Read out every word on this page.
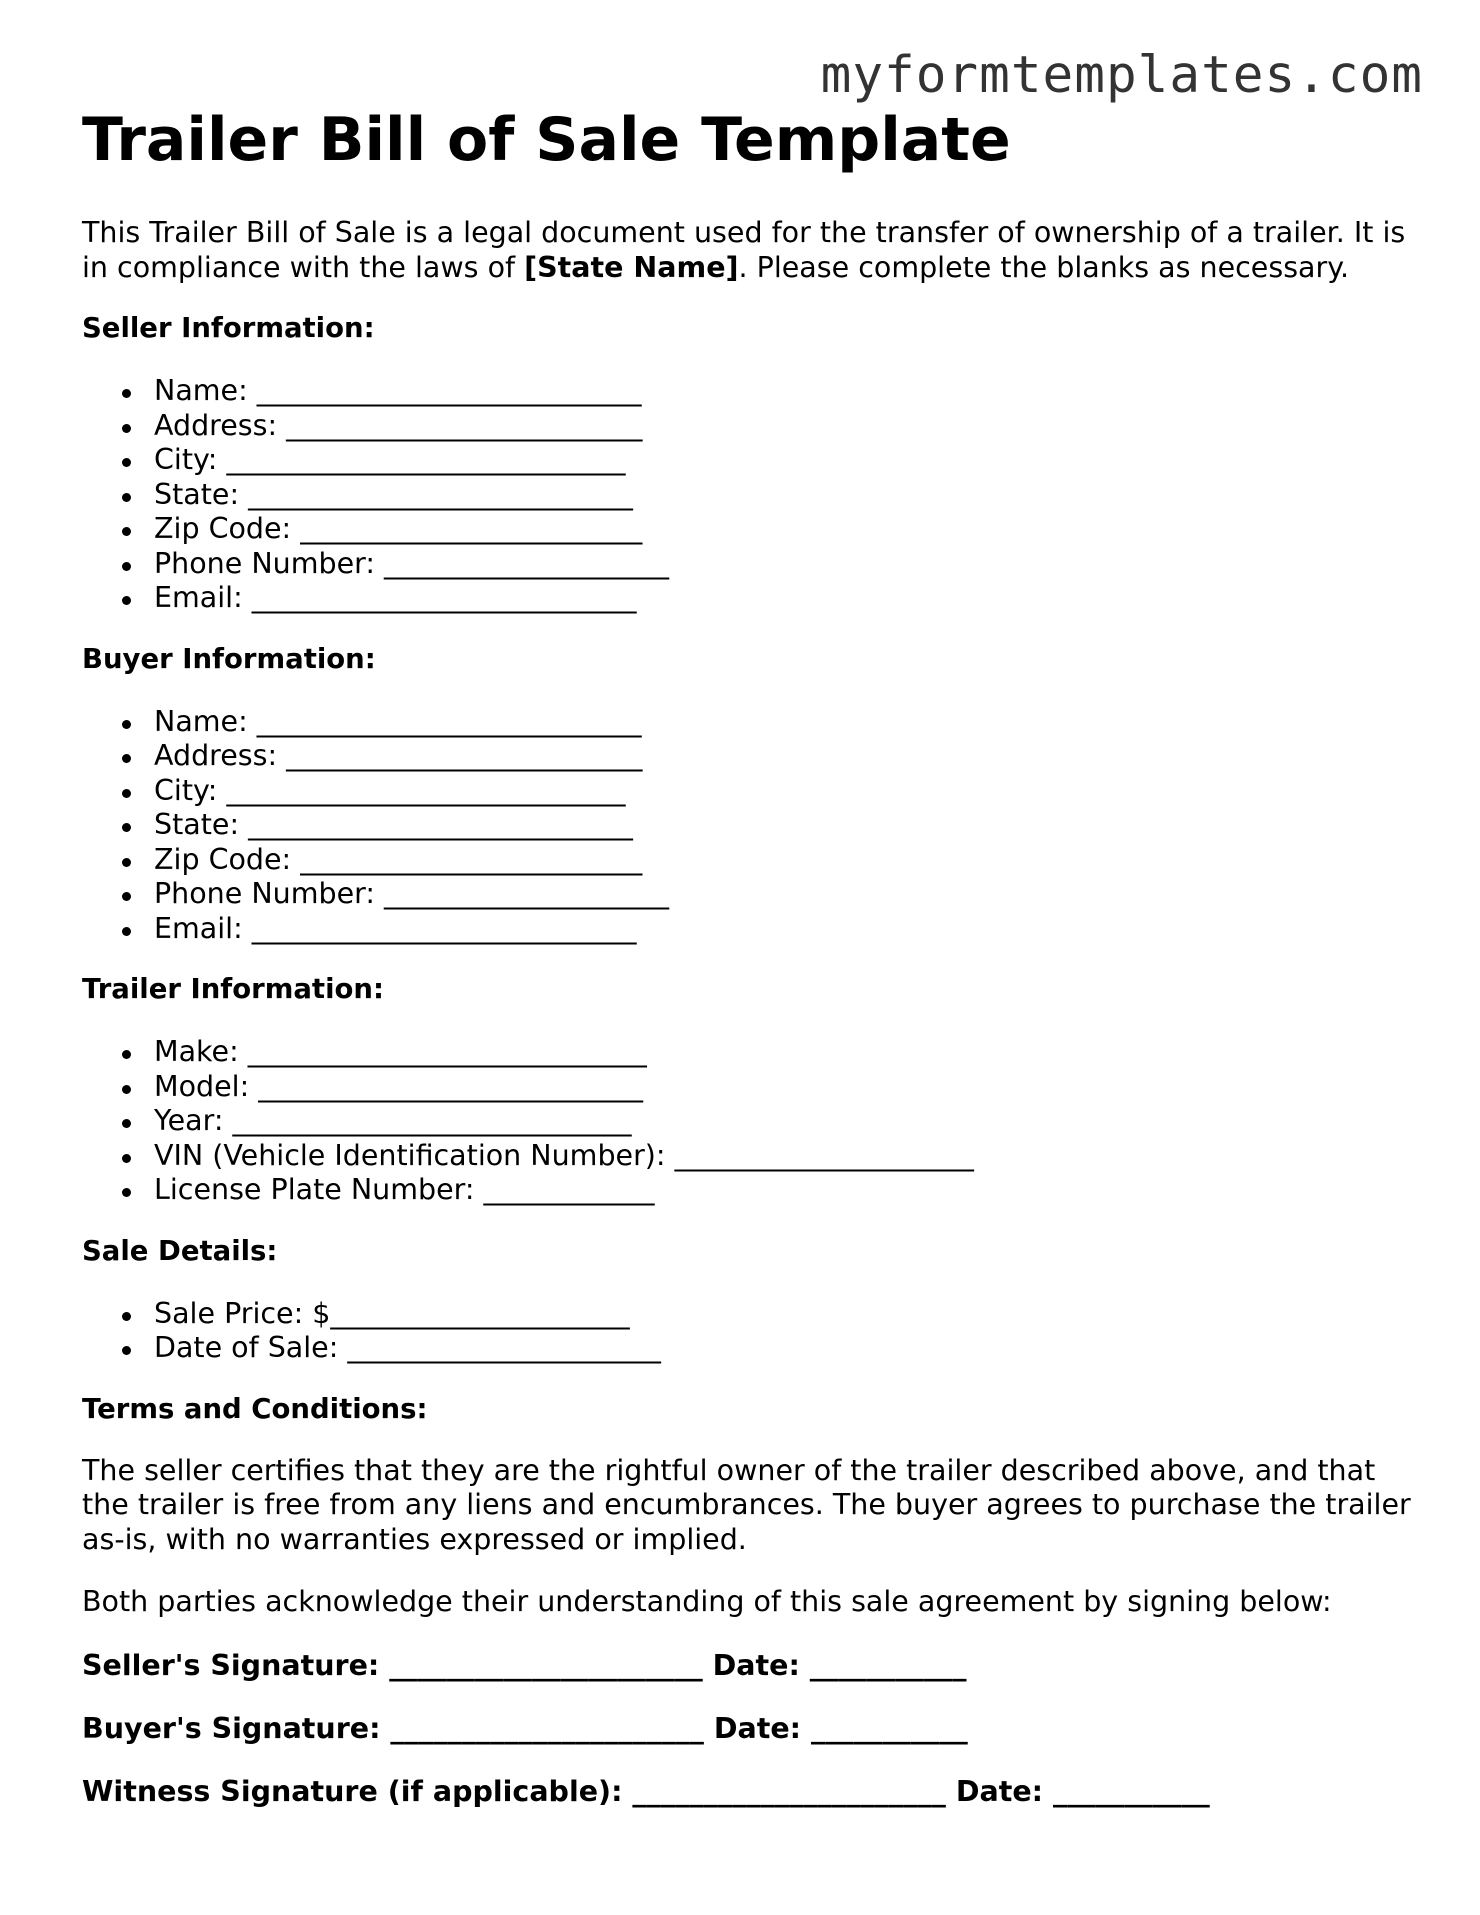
myformtemplates.com
Trailer Bill of Sale Template

This Trailer Bill of Sale is a legal document used for the transfer of ownership of a trailer. It is in compliance with the laws of [State Name]. Please complete the blanks as necessary.

Seller Information:
Name: ___________________________
Address: _________________________
City: ____________________________
State: ___________________________
Zip Code: ________________________
Phone Number: ____________________
Email: ___________________________
Buyer Information:
Name: ___________________________
Address: _________________________
City: ____________________________
State: ___________________________
Zip Code: ________________________
Phone Number: ____________________
Email: ___________________________
Trailer Information:
Make: ____________________________
Model: ___________________________
Year: ____________________________
VIN (Vehicle Identification Number): _____________________
License Plate Number: ____________
Sale Details:
Sale Price: $_____________________
Date of Sale: ______________________
Terms and Conditions:

The seller certifies that they are the rightful owner of the trailer described above, and that the trailer is free from any liens and encumbrances. The buyer agrees to purchase the trailer as-is, with no warranties expressed or implied.

Both parties acknowledge their understanding of this sale agreement by signing below:

Seller's Signature: ______________________ Date: ___________
Buyer's Signature: ______________________ Date: ___________
Witness Signature (if applicable): ______________________ Date: ___________
